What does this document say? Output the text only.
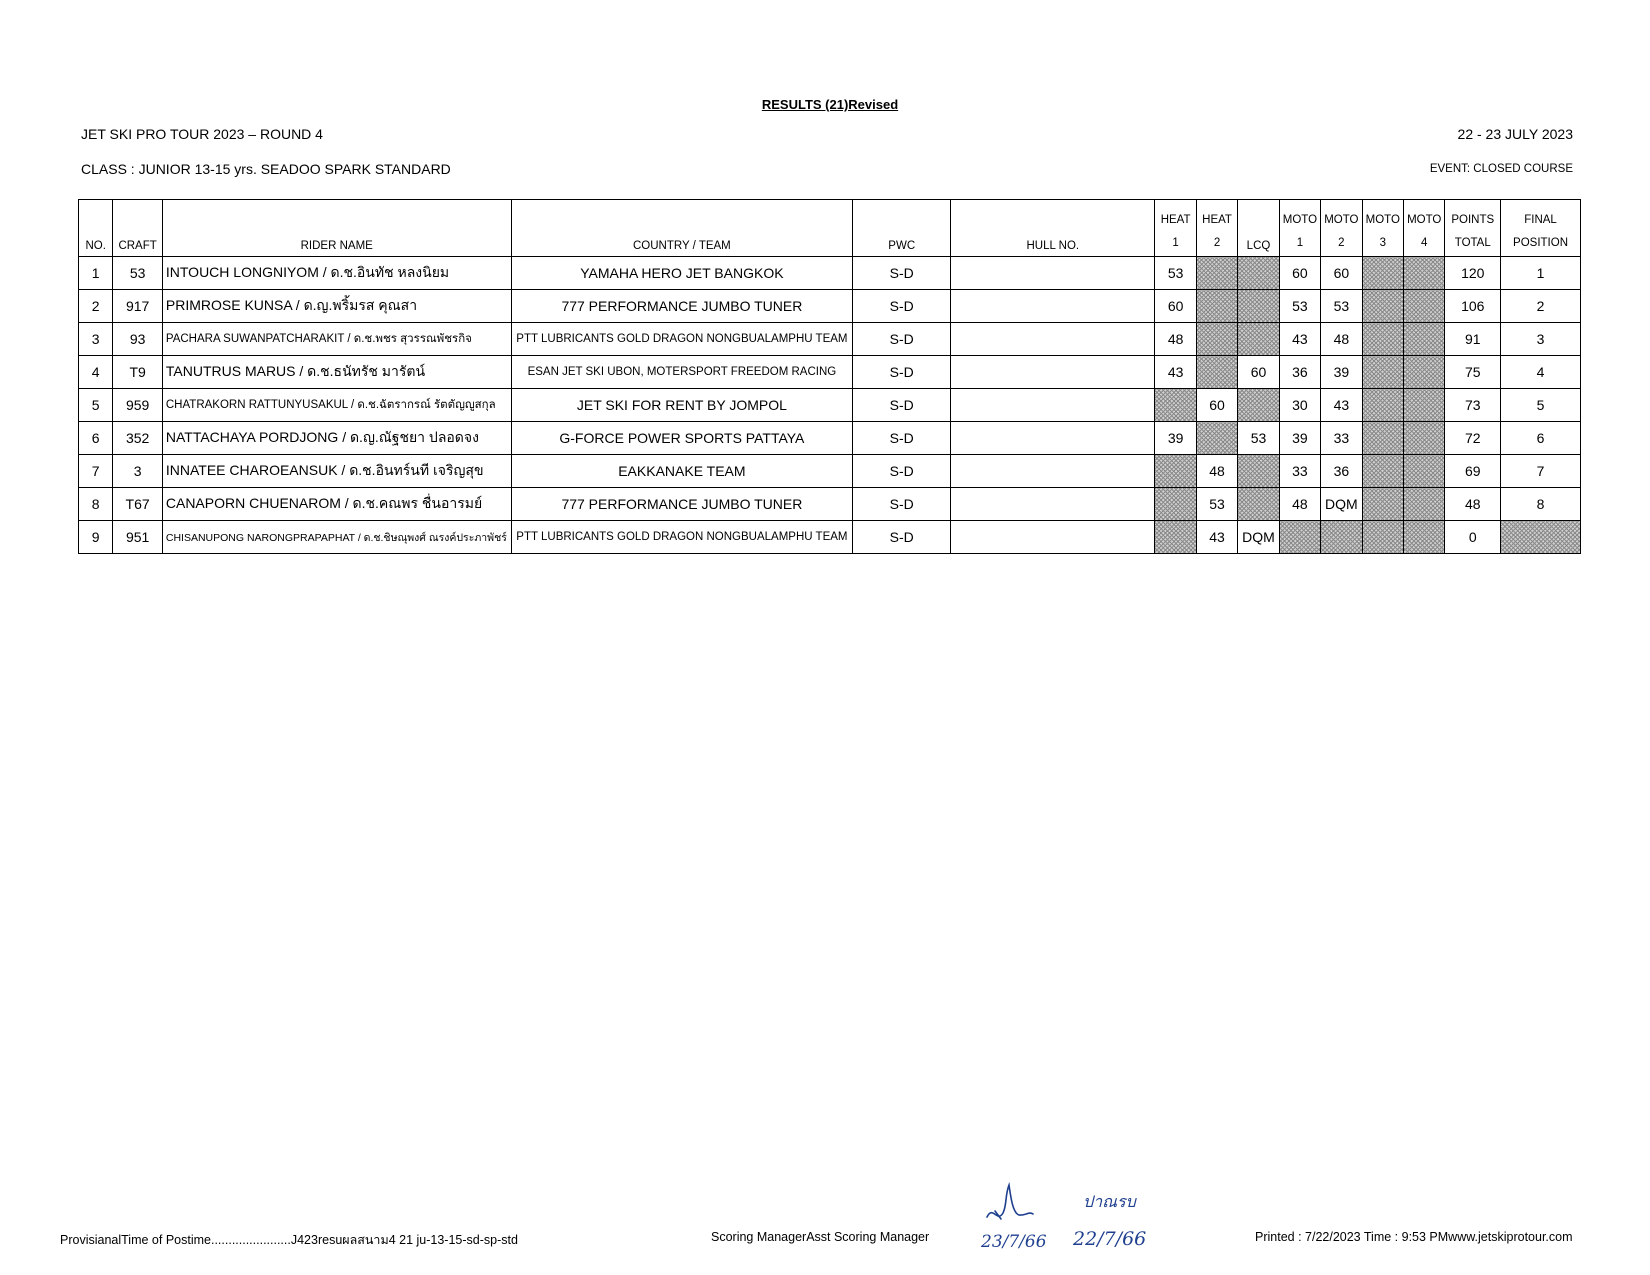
RESULTS (21)Revised
JET SKI PRO TOUR 2023 – ROUND 4	22 - 23 JULY 2023
CLASS : JUNIOR 13-15 yrs. SEADOO SPARK STANDARD	EVENT: CLOSED COURSE
NO.	CRAFT	RIDER NAME	COUNTRY / TEAM	PWC	HULL NO.	HEAT	HEAT	LCQ	MOTO	MOTO	MOTO	MOTO	POINTS	FINAL
						1	2		1	2	3	4	TOTAL	POSITION
1	53	INTOUCH LONGNIYOM / ด.ช.อินทัช หลงนิยม	YAMAHA HERO JET BANGKOK	S-D		53			60	60			120	1
2	917	PRIMROSE KUNSA / ด.ญ.พริ้มรส คุณสา	777 PERFORMANCE JUMBO TUNER	S-D		60			53	53			106	2
3	93	PACHARA SUWANPATCHARAKIT / ด.ช.พชร สุวรรณพัชรกิจ	PTT LUBRICANTS GOLD DRAGON NONGBUALAMPHU TEAM	S-D		48			43	48			91	3
4	T9	TANUTRUS MARUS / ด.ช.ธนัทรัช มารัตน์	ESAN JET SKI UBON, MOTERSPORT FREEDOM RACING	S-D		43		60	36	39			75	4
5	959	CHATRAKORN RATTUNYUSAKUL / ด.ช.ฉัตรากรณ์ รัตตัญญูสกุล	JET SKI FOR RENT BY JOMPOL	S-D			60		30	43			73	5
6	352	NATTACHAYA PORDJONG / ด.ญ.ณัฐชยา ปลอดจง	G-FORCE POWER SPORTS PATTAYA	S-D		39		53	39	33			72	6
7	3	INNATEE CHAROEANSUK / ด.ช.อินทร์นที เจริญสุข	EAKKANAKE TEAM	S-D			48		33	36			69	7
8	T67	CANAPORN CHUENAROM / ด.ช.คณพร ชื่นอารมย์	777 PERFORMANCE JUMBO TUNER	S-D			53		48	DQM			48	8
9	951	CHISANUPONG NARONGPRAPAPHAT / ด.ช.ชิษณุพงศ์ ณรงค์ประภาพัชร์	PTT LUBRICANTS GOLD DRAGON NONGBUALAMPHU TEAM	S-D			43	DQM					0	
ProvisianalTime of Postime.......................J423resuผลสนาม4 21 ju-13-15-sd-sp-std	Scoring ManagerAsst Scoring Manager	Printed : 7/22/2023 Time : 9:53 PMwww.jetskiprotour.com
23/7/66
ปาณรบ
22/7/66
